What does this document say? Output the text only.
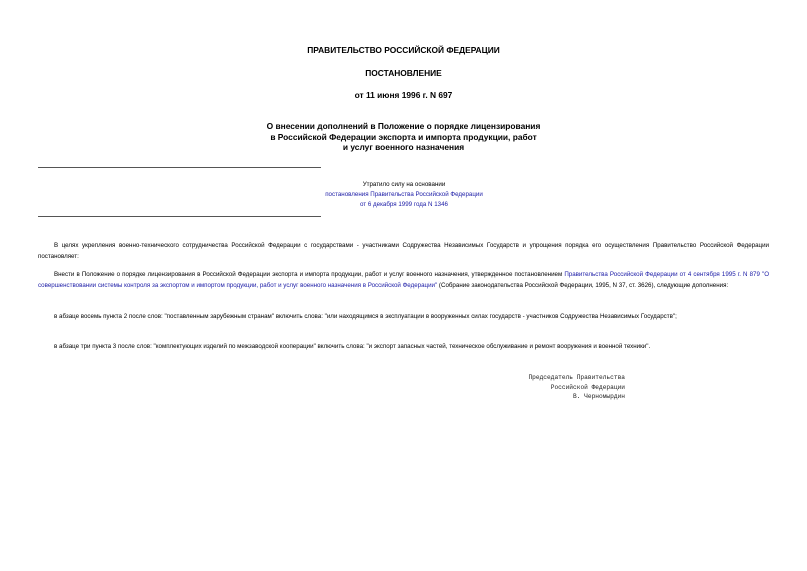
ПРАВИТЕЛЬСТВО РОССИЙСКОЙ ФЕДЕРАЦИИ
ПОСТАНОВЛЕНИЕ
от 11 июня 1996 г. N 697
О внесении дополнений в Положение о порядке лицензирования
в Российской Федерации экспорта и импорта продукции, работ
и услуг военного назначения
Утратило силу на основании
постановления Правительства Российской Федерации
от 6 декабря 1999 года N 1346
В целях укрепления военно-технического сотрудничества Российской Федерации с государствами - участниками Содружества Независимых Государств и упрощения порядка его осуществления Правительство Российской Федерации постановляет:
Внести в Положение о порядке лицензирования в Российской Федерации экспорта и импорта продукции, работ и услуг военного назначения, утвержденное постановлением Правительства Российской Федерации от 4 сентября 1995 г. N 879 "О совершенствовании системы контроля за экспортом и импортом продукции, работ и услуг военного назначения в Российской Федерации" (Собрание законодательства Российской Федерации, 1995, N 37, ст. 3626), следующие дополнения:
в абзаце восемь пункта 2 после слов: "поставленным зарубежным странам" включить слова: "или находящимся в эксплуатации в вооруженных силах государств - участников Содружества Независимых Государств";
в абзаце три пункта 3 после слов: "комплектующих изделий по межзаводской кооперации" включить слова: "и экспорт запасных частей, техническое обслуживание и ремонт вооружения и военной техники".
Председатель Правительства
Российской Федерации
В. Черномырдин
